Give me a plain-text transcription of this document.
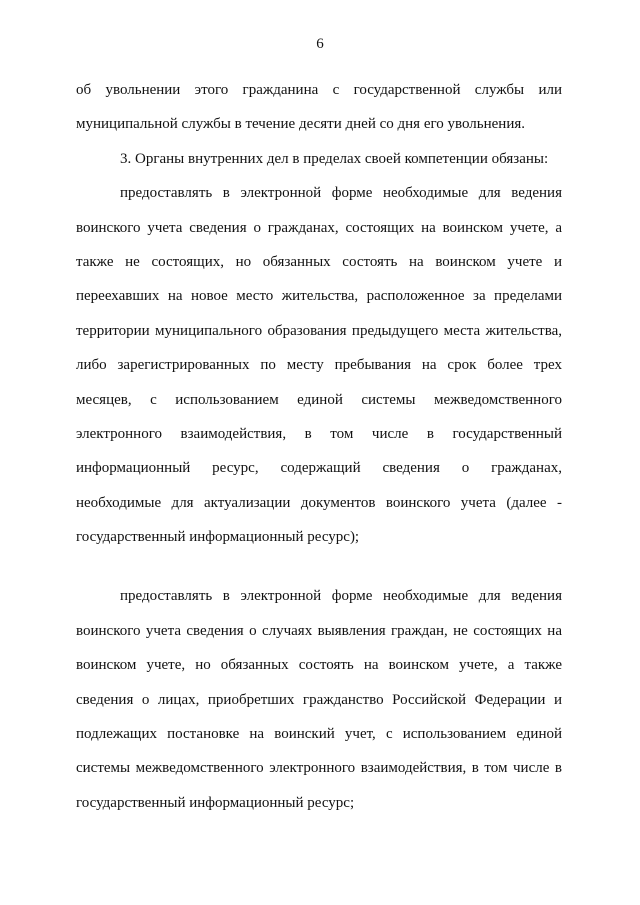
6
об увольнении этого гражданина с государственной службы или
муниципальной службы в течение десяти дней со дня его увольнения.
3. Органы внутренних дел в пределах своей компетенции обязаны:
предоставлять в электронной форме необходимые для ведения
воинского учета сведения о гражданах, состоящих на воинском учете, а
также не состоящих, но обязанных состоять на воинском учете и
переехавших на новое место жительства, расположенное за пределами
территории муниципального образования предыдущего места жительства,
либо зарегистрированных по месту пребывания на срок более трех
месяцев, с использованием единой системы межведомственного
электронного взаимодействия, в том числе в государственный
информационный ресурс, содержащий сведения о гражданах,
необходимые для актуализации документов воинского учета (далее -
государственный информационный ресурс);
предоставлять в электронной форме необходимые для ведения
воинского учета сведения о случаях выявления граждан, не состоящих на
воинском учете, но обязанных состоять на воинском учете, а также
сведения о лицах, приобретших гражданство Российской Федерации и
подлежащих постановке на воинский учет, с использованием единой
системы межведомственного электронного взаимодействия, в том числе в
государственный информационный ресурс;
